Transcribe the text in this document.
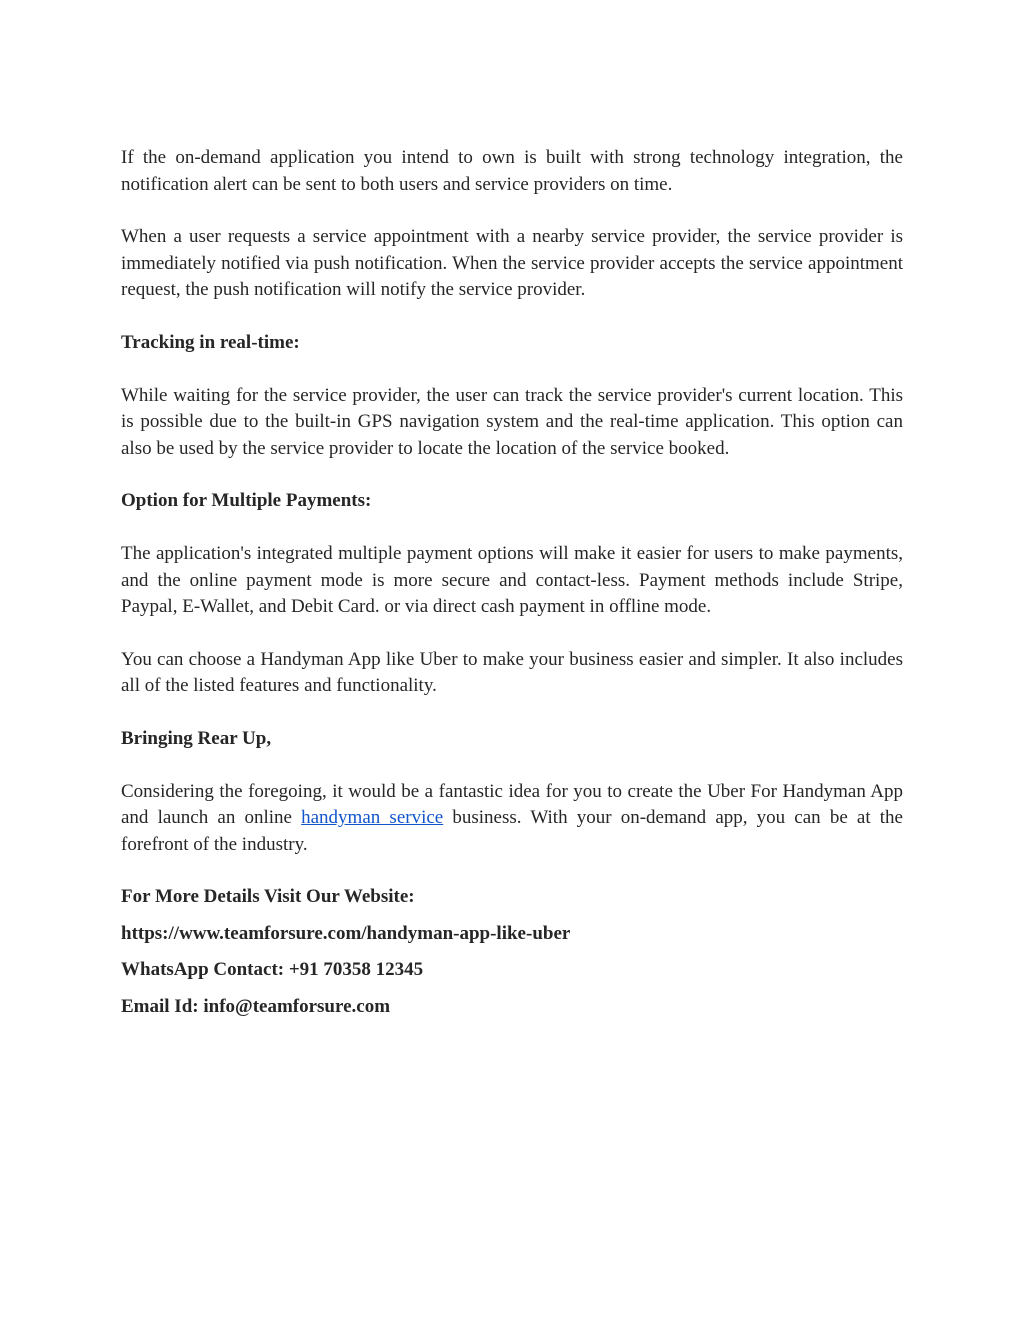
If the on-demand application you intend to own is built with strong technology integration, the notification alert can be sent to both users and service providers on time.

When a user requests a service appointment with a nearby service provider, the service provider is immediately notified via push notification. When the service provider accepts the service appointment request, the push notification will notify the service provider.

Tracking in real-time:

While waiting for the service provider, the user can track the service provider's current location. This is possible due to the built-in GPS navigation system and the real-time application. This option can also be used by the service provider to locate the location of the service booked.

Option for Multiple Payments:

The application's integrated multiple payment options will make it easier for users to make payments, and the online payment mode is more secure and contact-less. Payment methods include Stripe, Paypal, E-Wallet, and Debit Card. or via direct cash payment in offline mode.

You can choose a Handyman App like Uber to make your business easier and simpler. It also includes all of the listed features and functionality.

Bringing Rear Up,

Considering the foregoing, it would be a fantastic idea for you to create the Uber For Handyman App and launch an online handyman service business. With your on-demand app, you can be at the forefront of the industry.

For More Details Visit Our Website:

https://www.teamforsure.com/handyman-app-like-uber

WhatsApp Contact: +91 70358 12345

Email Id: info@teamforsure.com
